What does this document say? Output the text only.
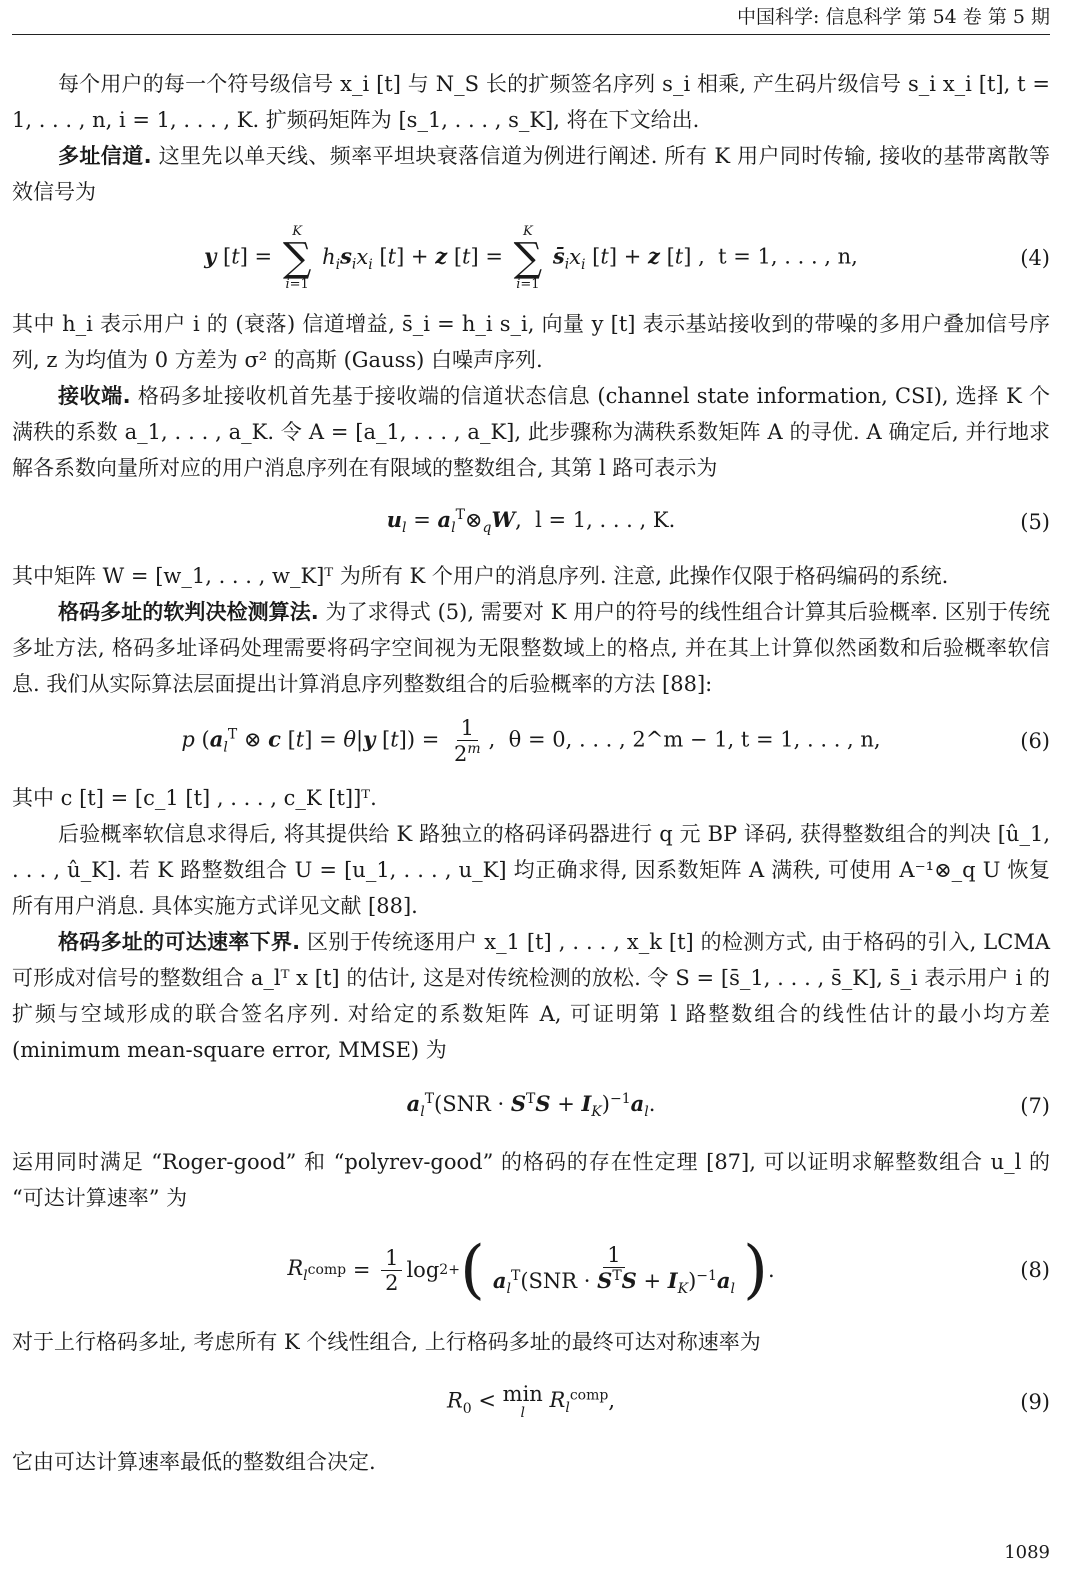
中国科学: 信息科学 第 54 卷 第 5 期

每个用户的每一个符号级信号 x_i [t] 与 N_S 长的扩频签名序列 s_i 相乘, 产生码片级信号 s_i x_i [t], t = 1, . . . , n, i = 1, . . . , K. 扩频码矩阵为 [s_1, . . . , s_K], 将在下文给出.

多址信道. 这里先以单天线、频率平坦块衰落信道为例进行阐述. 所有 K 用户同时传输, 接收的基带离散等效信号为

y [t] =
K
∑
i=1
$h_is_ix_i$ [t] + z [t] =
K
∑
i=1
$s̄_ix_i$ [t] + z [t] ,  t = 1, . . . , n,	(4)

其中 h_i 表示用户 i 的 (衰落) 信道增益, s̄_i = h_i s_i, 向量 y [t] 表示基站接收到的带噪的多用户叠加信号序列, z 为均值为 0 方差为 σ² 的高斯 (Gauss) 白噪声序列.

接收端. 格码多址接收机首先基于接收端的信道状态信息 (channel state information, CSI), 选择 K 个满秩的系数 a_1, . . . , a_K. 令 A = [a_1, . . . , a_K], 此步骤称为满秩系数矩阵 A 的寻优. A 确定后, 并行地求解各系数向量所对应的用户消息序列在有限域的整数组合, 其第 l 路可表示为

$u_l$ = $a_l^T\otimes_qW$,  l = 1, . . . , K.	(5)

其中矩阵 W = [w_1, . . . , w_K]ᵀ 为所有 K 个用户的消息序列. 注意, 此操作仅限于格码编码的系统.

格码多址的软判决检测算法. 为了求得式 (5), 需要对 K 用户的符号的线性组合计算其后验概率. 区别于传统多址方法, 格码多址译码处理需要将码字空间视为无限整数域上的格点, 并在其上计算似然函数和后验概率软信息. 我们从实际算法层面提出计算消息序列整数组合的后验概率的方法 [88]:

p ($a_l^T$ ⊗ c [t] = θ|y $[t]) = \frac{1}{2^m}$ ,  θ = 0, . . . , 2^m − 1, t = 1, . . . , n,	(6)

其中 c [t] = [c_1 [t] , . . . , c_K [t]]ᵀ.

后验概率软信息求得后, 将其提供给 K 路独立的格码译码器进行 q 元 BP 译码, 获得整数组合的判决 [û_1, . . . , û_K]. 若 K 路整数组合 U = [u_1, . . . , u_K] 均正确求得, 因系数矩阵 A 满秩, 可使用 A⁻¹⊗_q U 恢复所有用户消息. 具体实施方式详见文献 [88].

格码多址的可达速率下界. 区别于传统逐用户 x_1 [t] , . . . , x_k [t] 的检测方式, 由于格码的引入, LCMA 可形成对信号的整数组合 a_lᵀ x [t] 的估计, 这是对传统检测的放松. 令 S = [s̄_1, . . . , s̄_K], s̄_i 表示用户 i 的扩频与空域形成的联合签名序列. 对给定的系数矩阵 A, 可证明第 l 路整数组合的线性估计的最小均方差 (minimum mean-square error, MMSE) 为

$a_l^T(SNR \cdot S^TS + I_K)^{-1}a_l$.	(7)

运用同时满足 “Roger-good” 和 “polyrev-good” 的格码的存在性定理 [87], 可以证明求解整数组合 u_l 的 “可达计算速率” 为

$R_l$ comp = $\frac{1}{2}$ log 2 + ( $\frac{1}{a_l^T(SNR \cdot S^TS + I_K)^{-1}a_l}$ ) .	(8)

对于上行格码多址, 考虑所有 K 个线性组合, 上行格码多址的最终可达对称速率为

$R_0 < \min$
l
$R_l^{comp}$,	(9)

它由可达计算速率最低的整数组合决定.

1089
